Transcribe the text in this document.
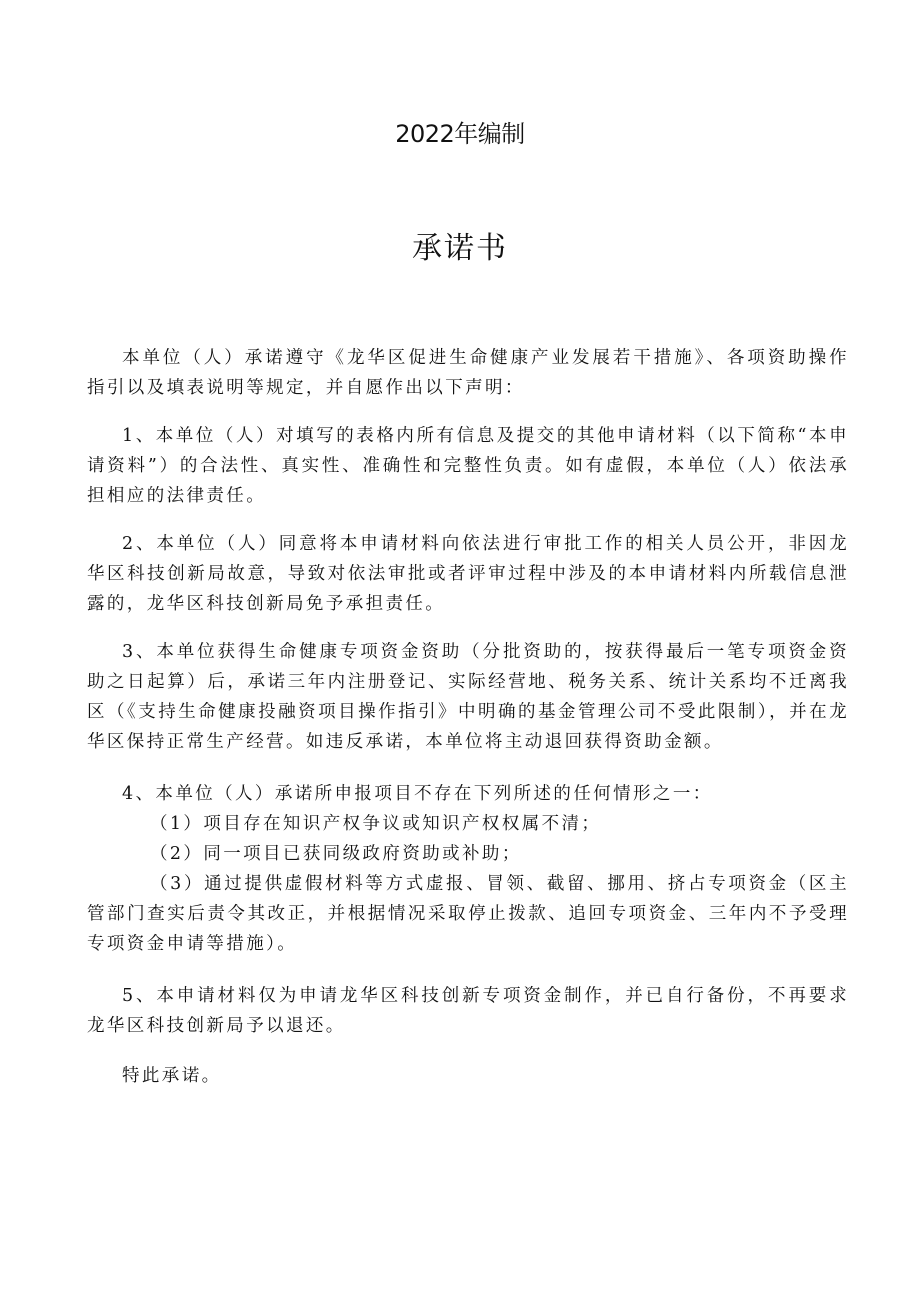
2022年编制
承诺书

本单位（人）承诺遵守《龙华区促进生命健康产业发展若干措施》、各项资助操作指引以及填表说明等规定，并自愿作出以下声明：

1、本单位（人）对填写的表格内所有信息及提交的其他申请材料（以下简称“本申请资料”）的合法性、真实性、准确性和完整性负责。如有虚假，本单位（人）依法承担相应的法律责任。

2、本单位（人）同意将本申请材料向依法进行审批工作的相关人员公开，非因龙华区科技创新局故意，导致对依法审批或者评审过程中涉及的本申请材料内所载信息泄露的，龙华区科技创新局免予承担责任。

3、本单位获得生命健康专项资金资助（分批资助的，按获得最后一笔专项资金资助之日起算）后，承诺三年内注册登记、实际经营地、税务关系、统计关系均不迁离我区（《支持生命健康投融资项目操作指引》中明确的基金管理公司不受此限制），并在龙华区保持正常生产经营。如违反承诺，本单位将主动退回获得资助金额。

4、本单位（人）承诺所申报项目不存在下列所述的任何情形之一：

（1）项目存在知识产权争议或知识产权权属不清；

（2）同一项目已获同级政府资助或补助；

（3）通过提供虚假材料等方式虚报、冒领、截留、挪用、挤占专项资金（区主管部门查实后责令其改正，并根据情况采取停止拨款、追回专项资金、三年内不予受理专项资金申请等措施）。

5、本申请材料仅为申请龙华区科技创新专项资金制作，并已自行备份，不再要求龙华区科技创新局予以退还。

特此承诺。
